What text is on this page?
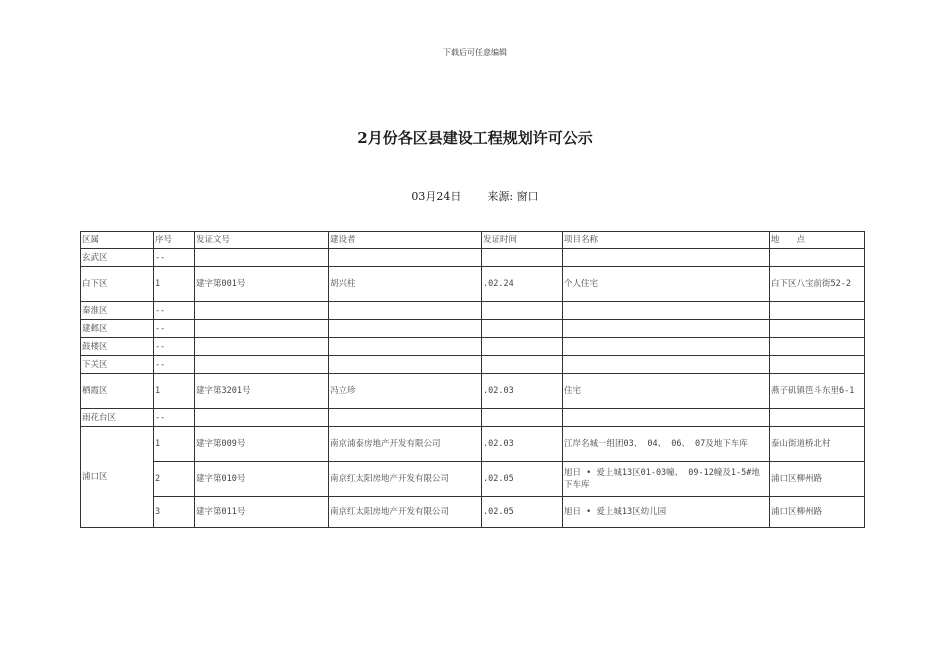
下载后可任意编辑
2月份各区县建设工程规划许可公示
03月24日 来源: 窗口
区属	序号	发证文号	建设者	发证时间	项目名称	地　　点
玄武区	--					
白下区	1	建字第001号	胡兴柱	.02.24	个人住宅	白下区八宝前街52-2
秦淮区	--					
建邺区	--					
鼓楼区	--					
下关区	--					
栖霞区	1	建字第3201号	冯立珍	.02.03	住宅	燕子矶镇笆斗东里6-1
雨花台区	--					
浦口区	1	建字第009号	南京浦泰房地产开发有限公司	.02.03	江岸名城一组团03、 04、 06、 07及地下车库	泰山街道桥北村
	2	建字第010号	南京红太阳房地产开发有限公司	.02.05	旭日 • 爱上城13区01-03幢、 09-12幢及1-5#地下车库	浦口区柳州路
	3	建字第011号	南京红太阳房地产开发有限公司	.02.05	旭日 • 爱上城13区幼儿园	浦口区柳州路
